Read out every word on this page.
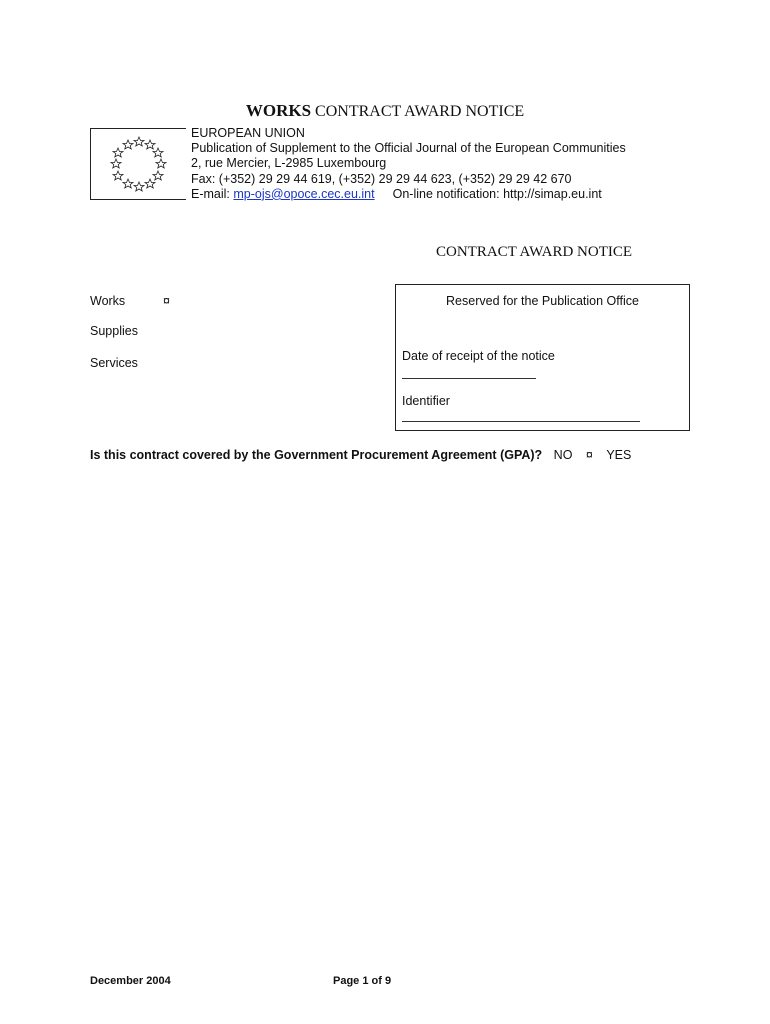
WORKS CONTRACT AWARD NOTICE
EUROPEAN UNION
Publication of Supplement to the Official Journal of the European Communities
2, rue Mercier, L-2985 Luxembourg
Fax: (+352) 29 29 44 619, (+352) 29 29 44 623, (+352) 29 29 42 670
E-mail: mp-ojs@opoce.cec.eu.int On-line notification: http://simap.eu.int
CONTRACT AWARD NOTICE
Works	¤
Supplies
Services
Reserved for the Publication Office
Date of receipt of the notice
Identifier
Is this contract covered by the Government Procurement Agreement (GPA)? NO ¤ YES
December 2004	Page 1 of 9
